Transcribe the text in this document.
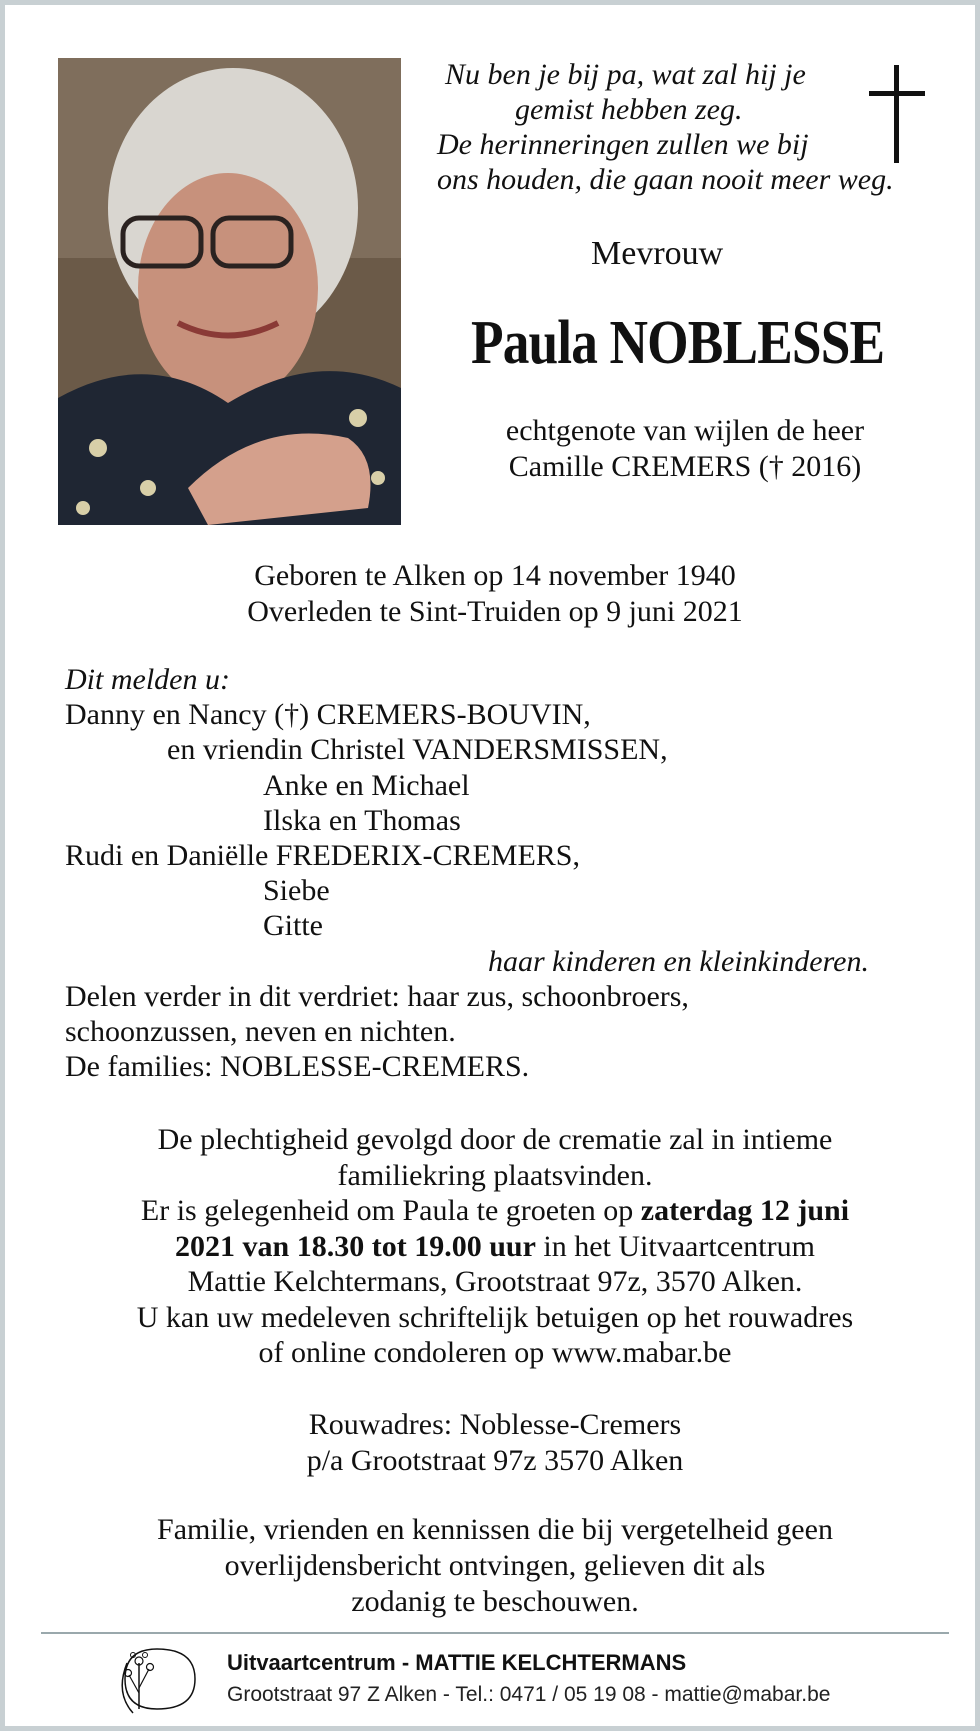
Nu ben je bij pa, wat zal hij je
gemist hebben zeg.
De herinneringen zullen we bij
ons houden, die gaan nooit meer weg.
Mevrouw
Paula NOBLESSE
echtgenote van wijlen de heer
Camille CREMERS († 2016)
Geboren te Alken op 14 november 1940
Overleden te Sint-Truiden op 9 juni 2021
Dit melden u:
Danny en Nancy (†) CREMERS-BOUVIN,
en vriendin Christel VANDERSMISSEN,
Anke en Michael
Ilska en Thomas
Rudi en Daniëlle FREDERIX-CREMERS,
Siebe
Gitte
haar kinderen en kleinkinderen.
Delen verder in dit verdriet: haar zus, schoonbroers,
schoonzussen, neven en nichten.
De families: NOBLESSE-CREMERS.
De plechtigheid gevolgd door de crematie zal in intieme
familiekring plaatsvinden.
Er is gelegenheid om Paula te groeten op zaterdag 12 juni
2021 van 18.30 tot 19.00 uur in het Uitvaartcentrum
Mattie Kelchtermans, Grootstraat 97z, 3570 Alken.
U kan uw medeleven schriftelijk betuigen op het rouwadres
of online condoleren op www.mabar.be
Rouwadres: Noblesse-Cremers
p/a Grootstraat 97z 3570 Alken
Familie, vrienden en kennissen die bij vergetelheid geen
overlijdensbericht ontvingen, gelieven dit als
zodanig te beschouwen.
Uitvaartcentrum - MATTIE KELCHTERMANS
Grootstraat 97 Z Alken - Tel.: 0471 / 05 19 08 - mattie@mabar.be
